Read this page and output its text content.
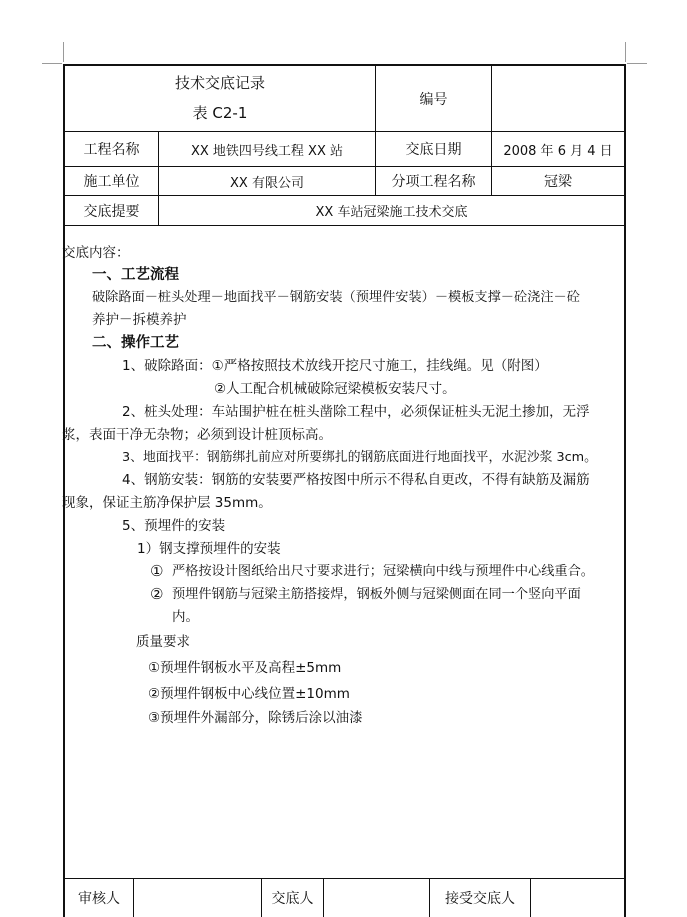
技术交底记录
表 C2-1
编号
工程名称	XX 地铁四号线工程 XX 站	交底日期	2008 年 6 月 4 日
施工单位	XX 有限公司	分项工程名称	冠梁
交底提要	XX 车站冠梁施工技术交底
交底内容：
一、工艺流程
破除路面－桩头处理－地面找平－钢筋安装（预埋件安装）－模板支撑－砼浇注－砼
养护－拆模养护
二、操作工艺
1、破除路面：①严格按照技术放线开挖尺寸施工，挂线绳。见（附图）
②人工配合机械破除冠梁模板安装尺寸。
2、桩头处理：车站围护桩在桩头凿除工程中，必须保证桩头无泥土掺加，无浮
浆，表面干净无杂物；必须到设计桩顶标高。
3、地面找平：钢筋绑扎前应对所要绑扎的钢筋底面进行地面找平，水泥沙浆 3cm。
4、钢筋安装：钢筋的安装要严格按图中所示不得私自更改，不得有缺筋及漏筋
现象，保证主筋净保护层 35mm。
5、预埋件的安装
1）钢支撑预埋件的安装
① 严格按设计图纸给出尺寸要求进行；冠梁横向中线与预埋件中心线重合。
② 预埋件钢筋与冠梁主筋搭接焊，钢板外侧与冠梁侧面在同一个竖向平面
内。
质量要求
①预埋件钢板水平及高程±5mm
②预埋件钢板中心线位置±10mm
③预埋件外漏部分，除锈后涂以油漆
审核人	交底人	接受交底人
